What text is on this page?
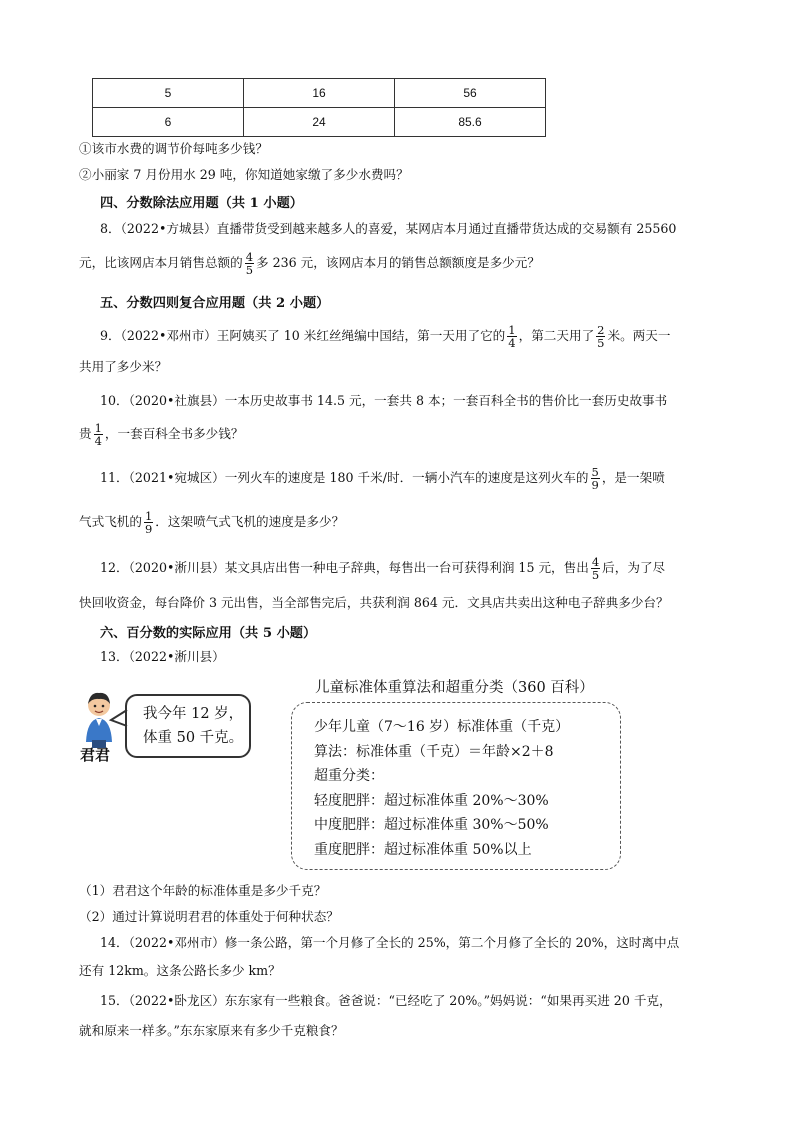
5	16	56
6	24	85.6
①该市水费的调节价每吨多少钱？
②小丽家 7 月份用水 29 吨，你知道她家缴了多少水费吗？
四、分数除法应用题（共 1 小题）
8．（2022•方城县）直播带货受到越来越多人的喜爱，某网店本月通过直播带货达成的交易额有 25560
元，比该网店本月销售总额的 $\frac{4}{5}$ 多 236 元，该网店本月的销售总额额度是多少元？
五、分数四则复合应用题（共 2 小题）
9．（2022•邓州市）王阿姨买了 10 米红丝绳编中国结，第一天用了它的 $\frac{1}{4}$ ，第二天用了 $\frac{2}{5}$ 米。两天一
共用了多少米？
10．（2020•社旗县）一本历史故事书 14.5 元，一套共 8 本；一套百科全书的售价比一套历史故事书
贵 $\frac{1}{4}$ ，一套百科全书多少钱？
11．（2021•宛城区）一列火车的速度是 180 千米/时．一辆小汽车的速度是这列火车的 $\frac{5}{9}$ ，是一架喷
气式飞机的 $\frac{1}{9}$ ．这架喷气式飞机的速度是多少？
12．（2020•淅川县）某文具店出售一种电子辞典，每售出一台可获得利润 15 元，售出 $\frac{4}{5}$ 后，为了尽
快回收资金，每台降价 3 元出售，当全部售完后，共获利润 864 元．文具店共卖出这种电子辞典多少台？
六、百分数的实际应用（共 5 小题）
13．（2022•淅川县）
君君
我今年 12 岁，
体重 50 千克。
儿童标准体重算法和超重分类（360 百科）
少年儿童（7～16 岁）标准体重（千克）
算法：标准体重（千克）＝年龄×2＋8
超重分类：
轻度肥胖：超过标准体重 20%～30%
中度肥胖：超过标准体重 30%～50%
重度肥胖：超过标准体重 50%以上
（1）君君这个年龄的标准体重是多少千克？
（2）通过计算说明君君的体重处于何种状态？
14．（2022•邓州市）修一条公路，第一个月修了全长的 25%，第二个月修了全长的 20%，这时离中点
还有 12km。这条公路长多少 km？
15．（2022•卧龙区）东东家有一些粮食。爸爸说：“已经吃了 20%。”妈妈说：“如果再买进 20 千克，
就和原来一样多。”东东家原来有多少千克粮食？
